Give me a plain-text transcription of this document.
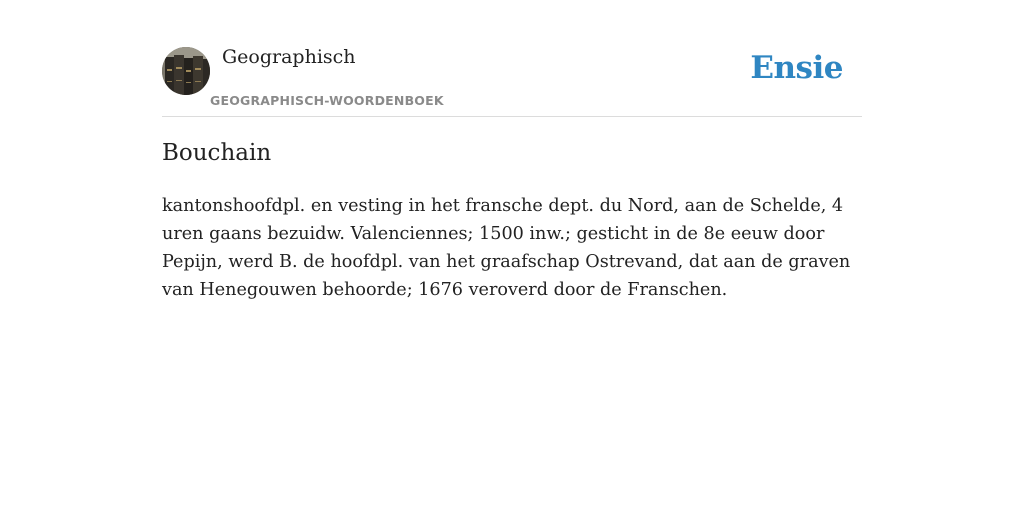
Geographisch
GEOGRAPHISCH-WOORDENBOEK
Ensie
Bouchain

kantonshoofdpl. en vesting in het fransche dept. du Nord, aan de Schelde, 4 uren gaans bezuidw. Valenciennes; 1500 inw.; gesticht in de 8e eeuw door Pepijn, werd B. de hoofdpl. van het graafschap Ostrevand, dat aan de graven van Henegouwen behoorde; 1676 veroverd door de Franschen.
